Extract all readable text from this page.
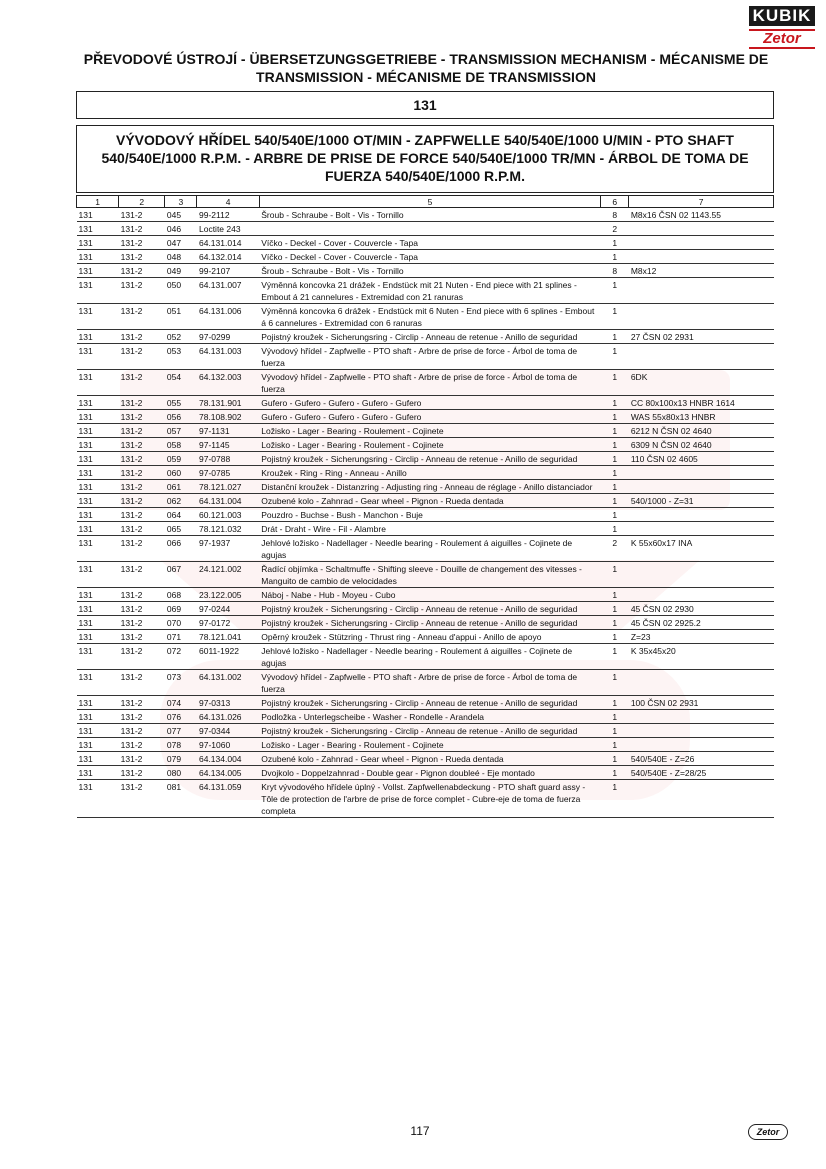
KUBIK
Zetor
PŘEVODOVÉ ÚSTROJÍ - ÜBERSETZUNGSGETRIEBE - TRANSMISSION MECHANISM - MÉCANISME DE
TRANSMISSION - MÉCANISME DE TRANSMISSION
131
VÝVODOVÝ HŘÍDEL 540/540E/1000 OT/MIN - ZAPFWELLE 540/540E/1000 U/MIN - PTO SHAFT
540/540E/1000 R.P.M. - ARBRE DE PRISE DE FORCE 540/540E/1000 TR/MN - ÁRBOL DE TOMA DE
FUERZA 540/540E/1000 R.P.M.
1	2	3	4	5	6	7
131	131-2	045	99-2112	Šroub - Schraube - Bolt - Vis - Tornillo	8	M8x16 ČSN 02 1143.55
131	131-2	046	Loctite 243		2	
131	131-2	047	64.131.014	Víčko - Deckel - Cover - Couvercle - Tapa	1	
131	131-2	048	64.132.014	Víčko - Deckel - Cover - Couvercle - Tapa	1	
131	131-2	049	99-2107	Šroub - Schraube - Bolt - Vis - Tornillo	8	M8x12
131	131-2	050	64.131.007	Výměnná koncovka 21 drážek - Endstück mit 21 Nuten - End piece with 21 splines - Embout á 21 cannelures - Extremidad con 21 ranuras	1	
131	131-2	051	64.131.006	Výměnná koncovka 6 drážek - Endstück mit 6 Nuten - End piece with 6 splines - Embout á 6 cannelures - Extremidad con 6 ranuras	1	
131	131-2	052	97-0299	Pojistný kroužek - Sicherungsring - Circlip - Anneau de retenue - Anillo de seguridad	1	27 ČSN 02 2931
131	131-2	053	64.131.003	Vývodový hřídel - Zapfwelle - PTO shaft - Arbre de prise de force - Árbol de toma de fuerza	1	
131	131-2	054	64.132.003	Vývodový hřídel - Zapfwelle - PTO shaft - Arbre de prise de force - Árbol de toma de fuerza	1	6DK
131	131-2	055	78.131.901	Gufero - Gufero - Gufero - Gufero - Gufero	1	CC 80x100x13 HNBR 1614
131	131-2	056	78.108.902	Gufero - Gufero - Gufero - Gufero - Gufero	1	WAS 55x80x13 HNBR
131	131-2	057	97-1131	Ložisko - Lager - Bearing - Roulement - Cojinete	1	6212 N ČSN 02 4640
131	131-2	058	97-1145	Ložisko - Lager - Bearing - Roulement - Cojinete	1	6309 N ČSN 02 4640
131	131-2	059	97-0788	Pojistný kroužek - Sicherungsring - Circlip - Anneau de retenue - Anillo de seguridad	1	110 ČSN 02 4605
131	131-2	060	97-0785	Kroužek - Ring - Ring - Anneau - Anillo	1	
131	131-2	061	78.121.027	Distanční kroužek - Distanzring - Adjusting ring - Anneau de réglage - Anillo distanciador	1	
131	131-2	062	64.131.004	Ozubené kolo - Zahnrad - Gear wheel - Pignon - Rueda dentada	1	540/1000 - Z=31
131	131-2	064	60.121.003	Pouzdro - Buchse - Bush - Manchon - Buje	1	
131	131-2	065	78.121.032	Drát - Draht - Wire - Fil - Alambre	1	
131	131-2	066	97-1937	Jehlové ložisko - Nadellager - Needle bearing - Roulement á aiguilles - Cojinete de agujas	2	K 55x60x17 INA
131	131-2	067	24.121.002	Řadící objímka - Schaltmuffe - Shifting sleeve - Douille de changement des vitesses - Manguito de cambio de velocidades	1	
131	131-2	068	23.122.005	Náboj - Nabe - Hub - Moyeu - Cubo	1	
131	131-2	069	97-0244	Pojistný kroužek - Sicherungsring - Circlip - Anneau de retenue - Anillo de seguridad	1	45 ČSN 02 2930
131	131-2	070	97-0172	Pojistný kroužek - Sicherungsring - Circlip - Anneau de retenue - Anillo de seguridad	1	45 ČSN 02 2925.2
131	131-2	071	78.121.041	Opěrný kroužek - Stützring - Thrust ring - Anneau d'appui - Anillo de apoyo	1	Z=23
131	131-2	072	6011-1922	Jehlové ložisko - Nadellager - Needle bearing - Roulement á aiguilles - Cojinete de agujas	1	K 35x45x20
131	131-2	073	64.131.002	Vývodový hřídel - Zapfwelle - PTO shaft - Arbre de prise de force - Árbol de toma de fuerza	1	
131	131-2	074	97-0313	Pojistný kroužek - Sicherungsring - Circlip - Anneau de retenue - Anillo de seguridad	1	100 ČSN 02 2931
131	131-2	076	64.131.026	Podložka - Unterlegscheibe - Washer - Rondelle - Arandela	1	
131	131-2	077	97-0344	Pojistný kroužek - Sicherungsring - Circlip - Anneau de retenue - Anillo de seguridad	1	
131	131-2	078	97-1060	Ložisko - Lager - Bearing - Roulement - Cojinete	1	
131	131-2	079	64.134.004	Ozubené kolo - Zahnrad - Gear wheel - Pignon - Rueda dentada	1	540/540E - Z=26
131	131-2	080	64.134.005	Dvojkolo - Doppelzahnrad - Double gear - Pignon doubleé - Eje montado	1	540/540E - Z=28/25
131	131-2	081	64.131.059	Kryt vývodového hřídele úplný - Vollst. Zapfwellenabdeckung - PTO shaft guard assy - Tôle de protection de l'arbre de prise de force complet - Cubre-eje de toma de fuerza completa	1	
117	Zetor
